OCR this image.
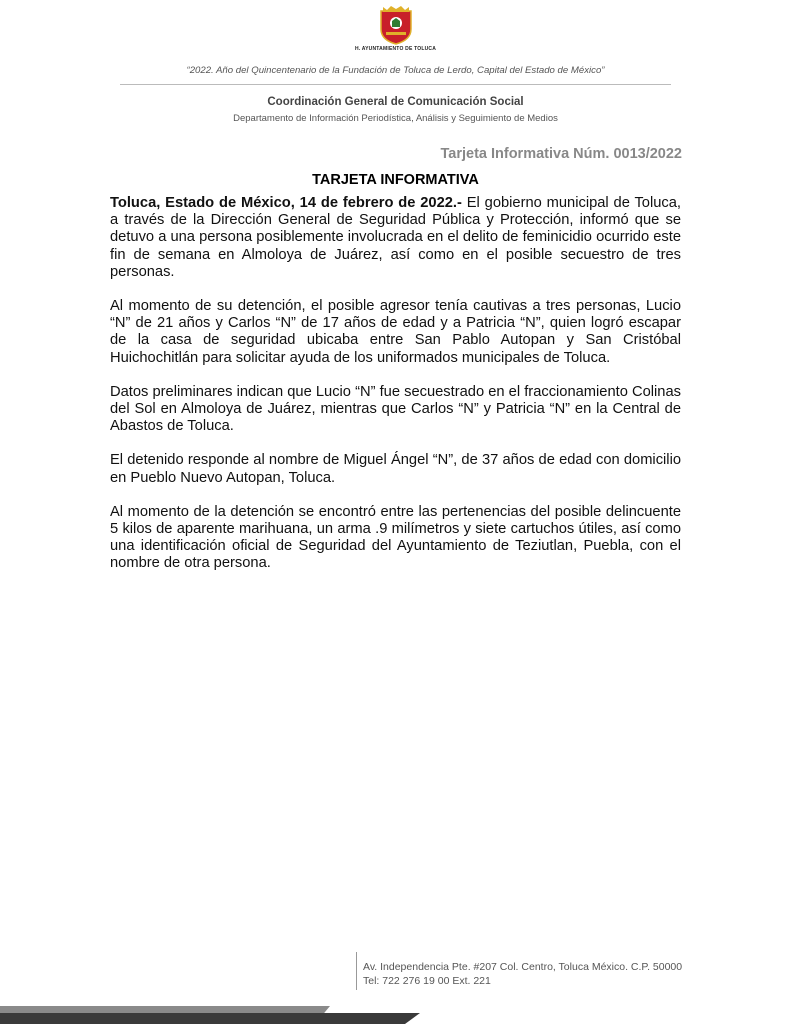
H. AYUNTAMIENTO DE TOLUCA
“2022. Año del Quincentenario de la Fundación de Toluca de Lerdo, Capital del Estado de México”
Coordinación General de Comunicación Social
Departamento de Información Periodística, Análisis y Seguimiento de Medios
Tarjeta Informativa Núm. 0013/2022
TARJETA INFORMATIVA

Toluca, Estado de México, 14 de febrero de 2022.- El gobierno municipal de Toluca, a través de la Dirección General de Seguridad Pública y Protección, informó que se detuvo a una persona posiblemente involucrada en el delito de feminicidio ocurrido este fin de semana en Almoloya de Juárez, así como en el posible secuestro de tres personas.

Al momento de su detención, el posible agresor tenía cautivas a tres personas, Lucio “N” de 21 años y Carlos “N” de 17 años de edad y a Patricia “N”, quien logró escapar de la casa de seguridad ubicaba entre San Pablo Autopan y San Cristóbal Huichochitlán para solicitar ayuda de los uniformados municipales de Toluca.

Datos preliminares indican que Lucio “N” fue secuestrado en el fraccionamiento Colinas del Sol en Almoloya de Juárez, mientras que Carlos “N” y Patricia “N” en la Central de Abastos de Toluca.

El detenido responde al nombre de Miguel Ángel “N”, de 37 años de edad con domicilio en Pueblo Nuevo Autopan, Toluca.

Al momento de la detención se encontró entre las pertenencias del posible delincuente 5 kilos de aparente marihuana, un arma .9 milímetros y siete cartuchos útiles, así como una identificación oficial de Seguridad del Ayuntamiento de Teziutlan, Puebla, con el nombre de otra persona.

Av. Independencia Pte. #207 Col. Centro, Toluca México. C.P. 50000
Tel: 722 276 19 00 Ext. 221
